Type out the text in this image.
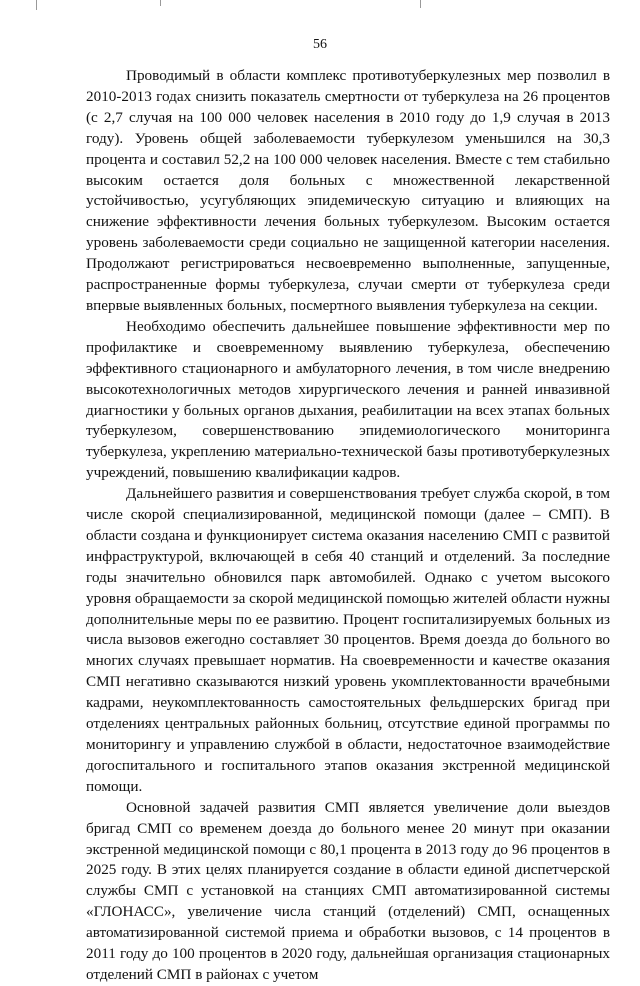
56

Проводимый в области комплекс противотуберкулезных мер позволил в 2010-2013 годах снизить показатель смертности от туберкулеза на 26 процентов (с 2,7 случая на 100 000 человек населения в 2010 году до 1,9 случая в 2013 году). Уровень общей заболеваемости туберкулезом уменьшился на 30,3 процента и составил 52,2 на 100 000 человек населения. Вместе с тем стабильно высоким остается доля больных с множественной лекарственной устойчивостью, усугубляющих эпидемическую ситуацию и влияющих на снижение эффективности лечения больных туберкулезом. Высоким остается уровень заболеваемости среди социально не защищенной категории населения. Продолжают регистрироваться несвоевременно выполненные, запущенные, распространенные формы туберкулеза, случаи смерти от туберкулеза среди впервые выявленных больных, посмертного выявления туберкулеза на секции.

Необходимо обеспечить дальнейшее повышение эффективности мер по профилактике и своевременному выявлению туберкулеза, обеспечению эффективного стационарного и амбулаторного лечения, в том числе внедрению высокотехнологичных методов хирургического лечения и ранней инвазивной диагностики у больных органов дыхания, реабилитации на всех этапах больных туберкулезом, совершенствованию эпидемиологического мониторинга туберкулеза, укреплению материально-технической базы противотуберкулезных учреждений, повышению квалификации кадров.

Дальнейшего развития и совершенствования требует служба скорой, в том числе скорой специализированной, медицинской помощи (далее – СМП). В области создана и функционирует система оказания населению СМП с развитой инфраструктурой, включающей в себя 40 станций и отделений. За последние годы значительно обновился парк автомобилей. Однако с учетом высокого уровня обращаемости за скорой медицинской помощью жителей области нужны дополнительные меры по ее развитию. Процент госпитализируемых больных из числа вызовов ежегодно составляет 30 процентов. Время доезда до больного во многих случаях превышает норматив. На своевременности и качестве оказания СМП негативно сказываются низкий уровень укомплектованности врачебными кадрами, неукомплектованность самостоятельных фельдшерских бригад при отделениях центральных районных больниц, отсутствие единой программы по мониторингу и управлению службой в области, недостаточное взаимодействие догоспитального и госпитального этапов оказания экстренной медицинской помощи.

Основной задачей развития СМП является увеличение доли выездов бригад СМП со временем доезда до больного менее 20 минут при оказании экстренной медицинской помощи с 80,1 процента в 2013 году до 96 процентов в 2025 году. В этих целях планируется создание в области единой диспетчерской службы СМП с установкой на станциях СМП автоматизированной системы «ГЛОНАСС», увеличение числа станций (отделений) СМП, оснащенных автоматизированной системой приема и обработки вызовов, с 14 процентов в 2011 году до 100 процентов в 2020 году, дальнейшая организация стационарных отделений СМП в районах с учетом
